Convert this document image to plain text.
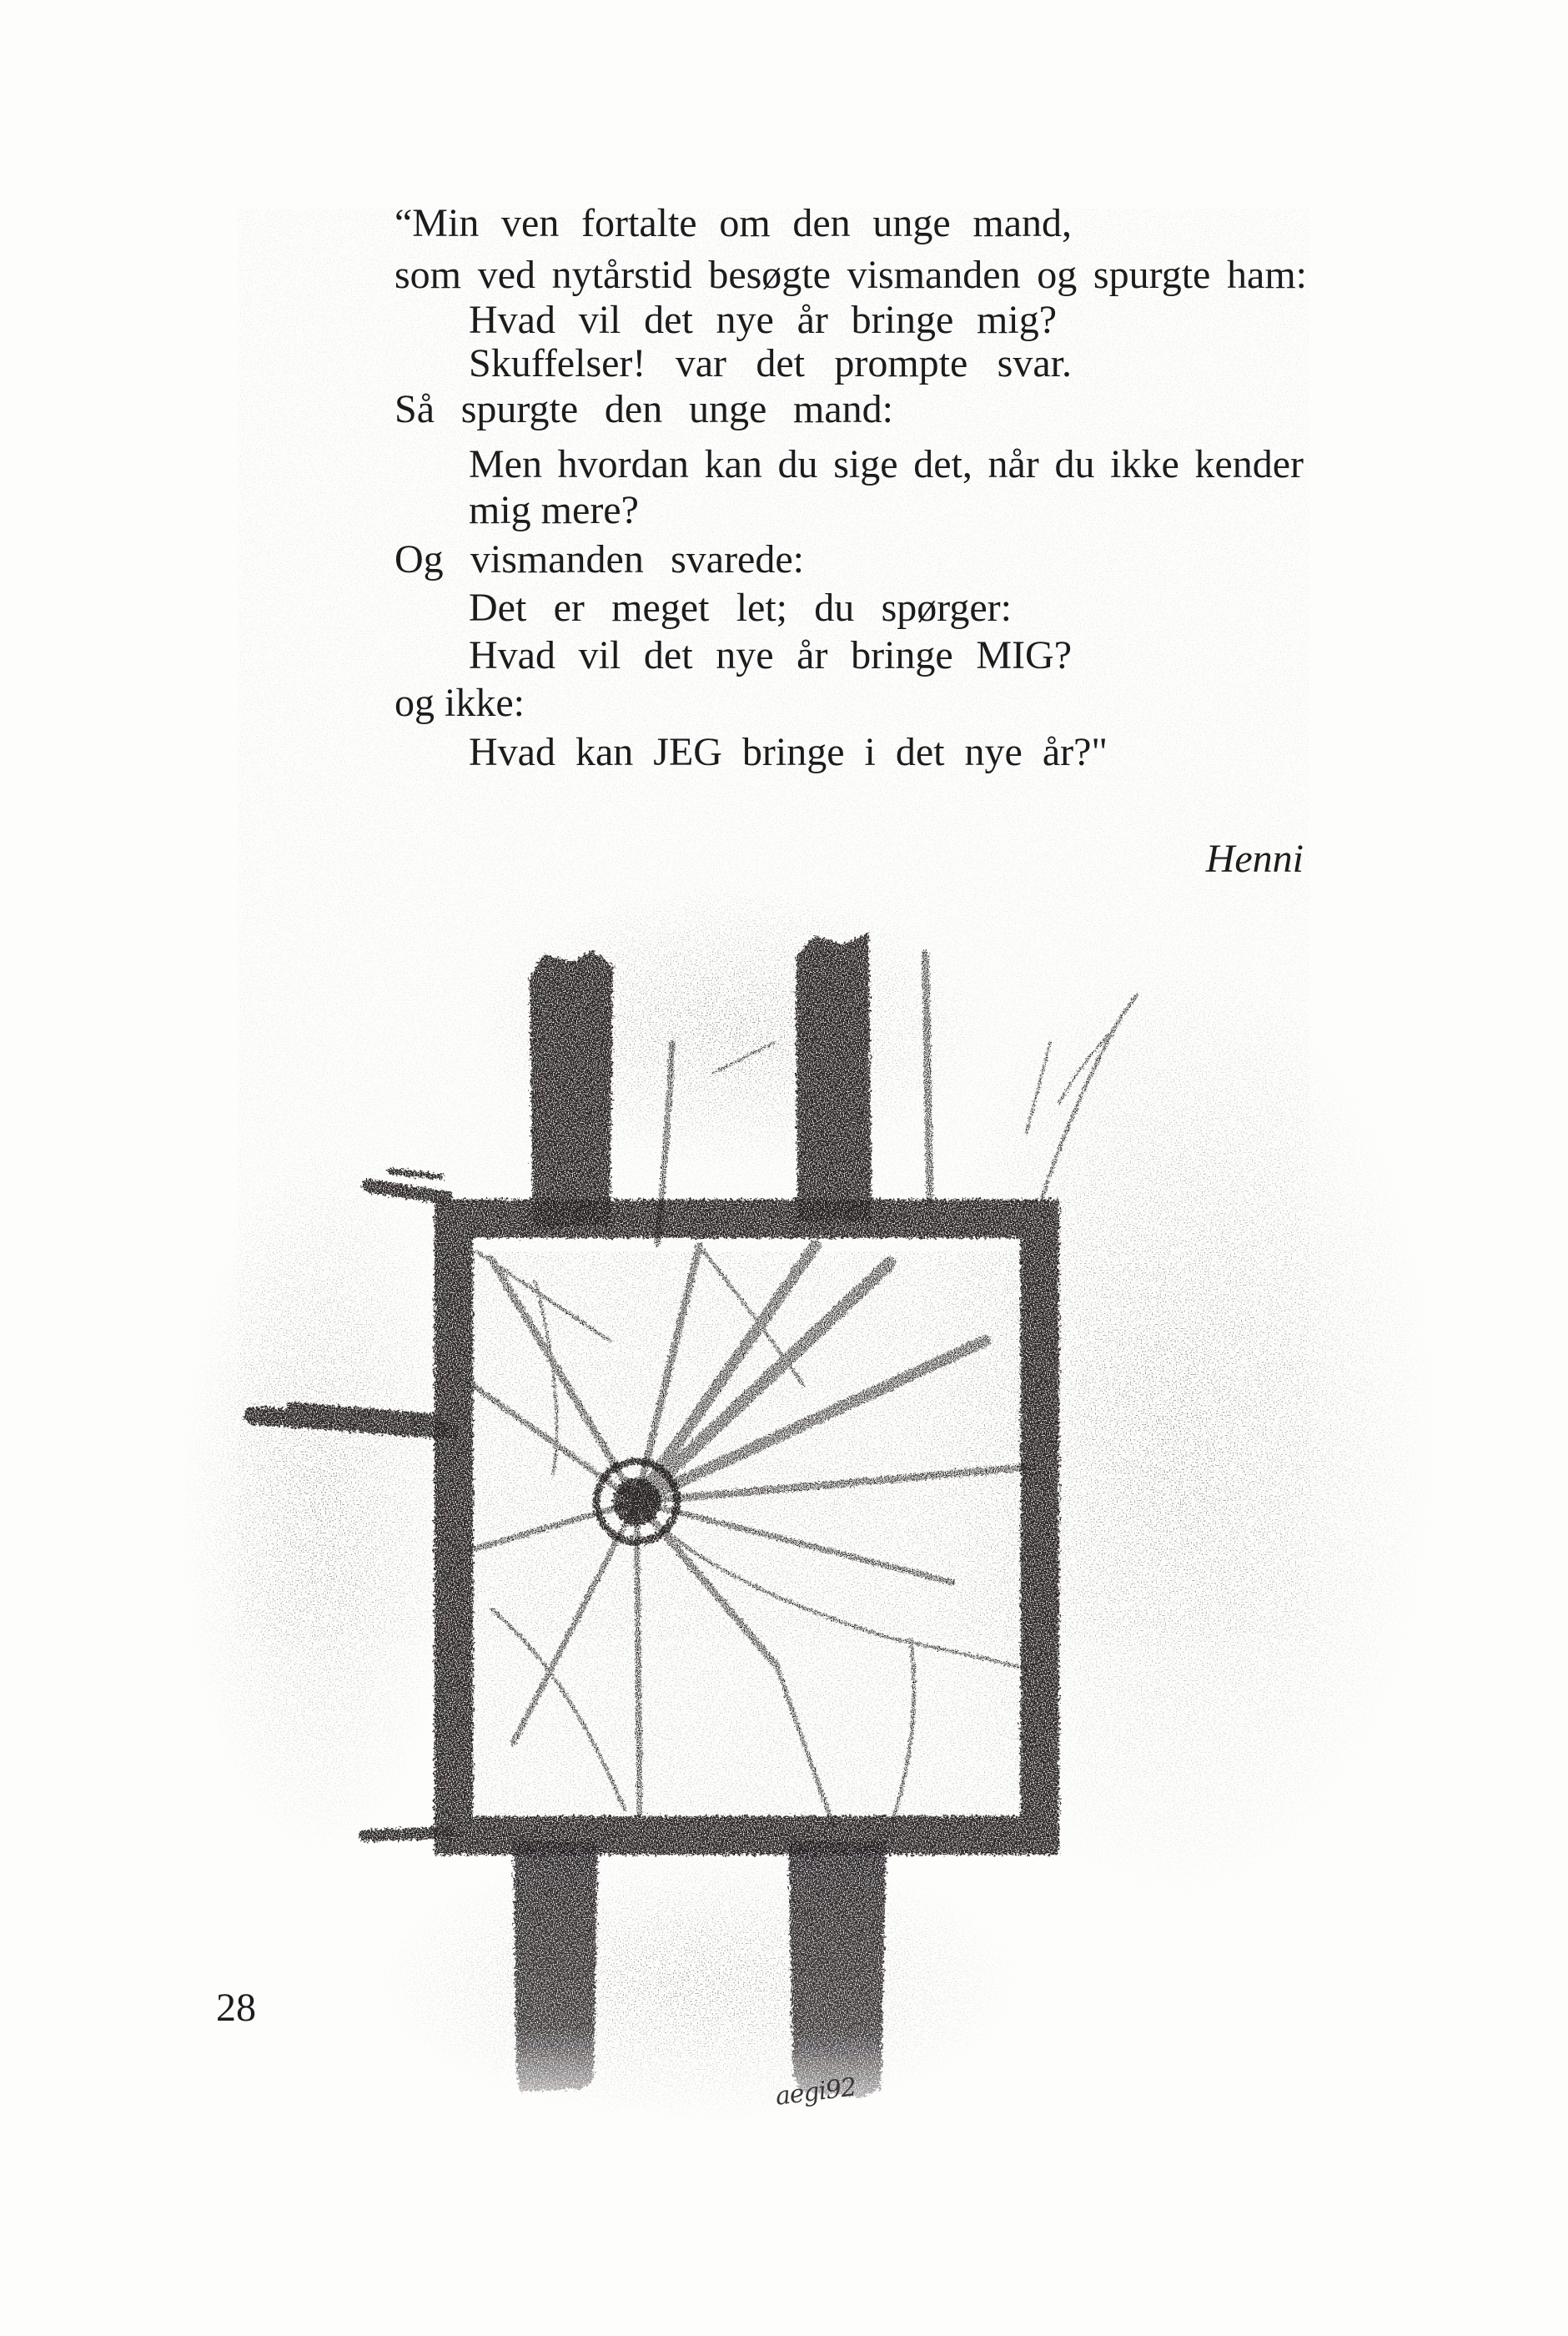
“Min ven fortalte om den unge mand,
som ved nytårstid besøgte vismanden og spurgte ham:
Hvad vil det nye år bringe mig?
Skuffelser! var det prompte svar.
Så spurgte den unge mand:
Men hvordan kan du sige det, når du ikke kender
mig mere?
Og vismanden svarede:
Det er meget let; du spørger:
Hvad vil det nye år bringe MIG?
og ikke:
Hvad kan JEG bringe i det nye år?"
Henni
aegi92
28
